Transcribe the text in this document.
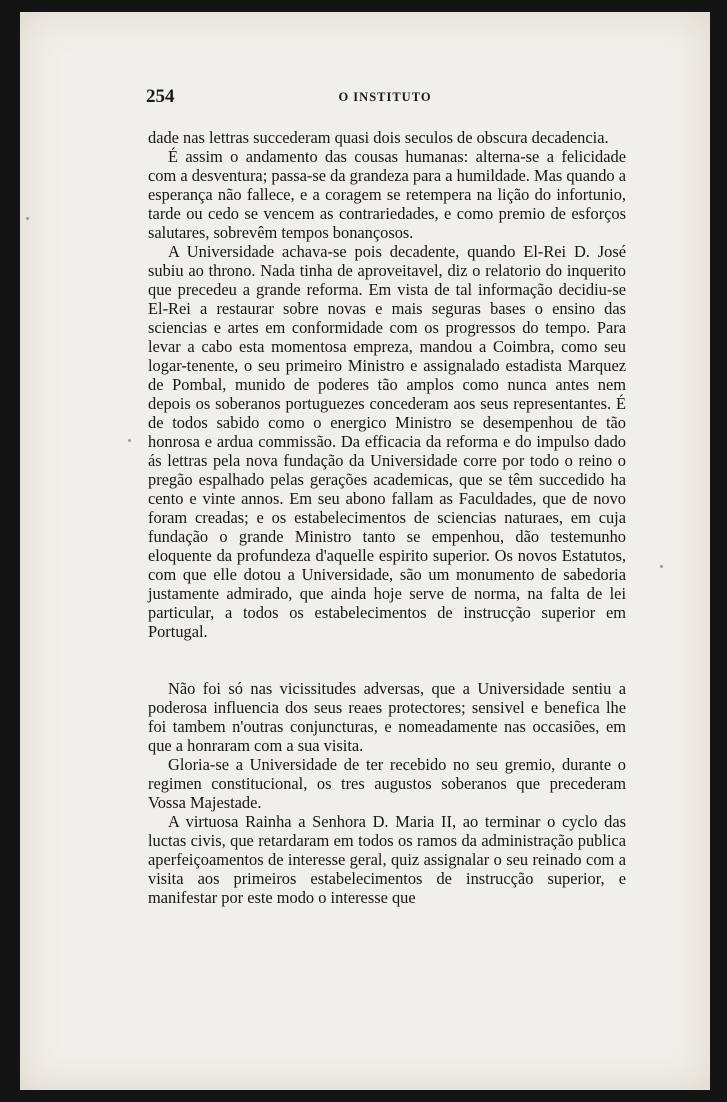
254	O INSTITUTO

dade nas lettras succederam quasi dois seculos de obscura decadencia.

É assim o andamento das cousas humanas: alterna-se a felicidade com a desventura; passa-se da grandeza para a humildade. Mas quando a esperança não fallece, e a coragem se retempera na lição do infortunio, tarde ou cedo se vencem as contrariedades, e como premio de esforços salutares, sobrevêm tempos bonançosos.

A Universidade achava-se pois decadente, quando El-Rei D. José subiu ao throno. Nada tinha de aproveitavel, diz o relatorio do inquerito que precedeu a grande reforma. Em vista de tal informação decidiu-se El-Rei a restaurar sobre novas e mais seguras bases o ensino das sciencias e artes em conformidade com os progressos do tempo. Para levar a cabo esta momentosa empreza, mandou a Coimbra, como seu logar-tenente, o seu primeiro Ministro e assignalado estadista Marquez de Pombal, munido de poderes tão amplos como nunca antes nem depois os soberanos portuguezes concederam aos seus representantes. É de todos sabido como o energico Ministro se desempenhou de tão honrosa e ardua commissão. Da efficacia da reforma e do impulso dado ás lettras pela nova fundação da Universidade corre por todo o reino o pregão espalhado pelas gerações academicas, que se têm succedido ha cento e vinte annos. Em seu abono fallam as Faculdades, que de novo foram creadas; e os estabelecimentos de sciencias naturaes, em cuja fundação o grande Ministro tanto se empenhou, dão testemunho eloquente da profundeza d'aquelle espirito superior. Os novos Estatutos, com que elle dotou a Universidade, são um monumento de sabedoria justamente admirado, que ainda hoje serve de norma, na falta de lei particular, a todos os estabelecimentos de instrucção superior em Portugal.

Não foi só nas vicissitudes adversas, que a Universidade sentiu a poderosa influencia dos seus reaes protectores; sensivel e benefica lhe foi tambem n'outras conjuncturas, e nomeadamente nas occasiões, em que a honraram com a sua visita.

Gloria-se a Universidade de ter recebido no seu gremio, durante o regimen constitucional, os tres augustos soberanos que precederam Vossa Majestade.

A virtuosa Rainha a Senhora D. Maria II, ao terminar o cyclo das luctas civis, que retardaram em todos os ramos da administração publica aperfeiçoamentos de interesse geral, quiz assignalar o seu reinado com a visita aos primeiros estabelecimentos de instrucção superior, e manifestar por este modo o interesse que
